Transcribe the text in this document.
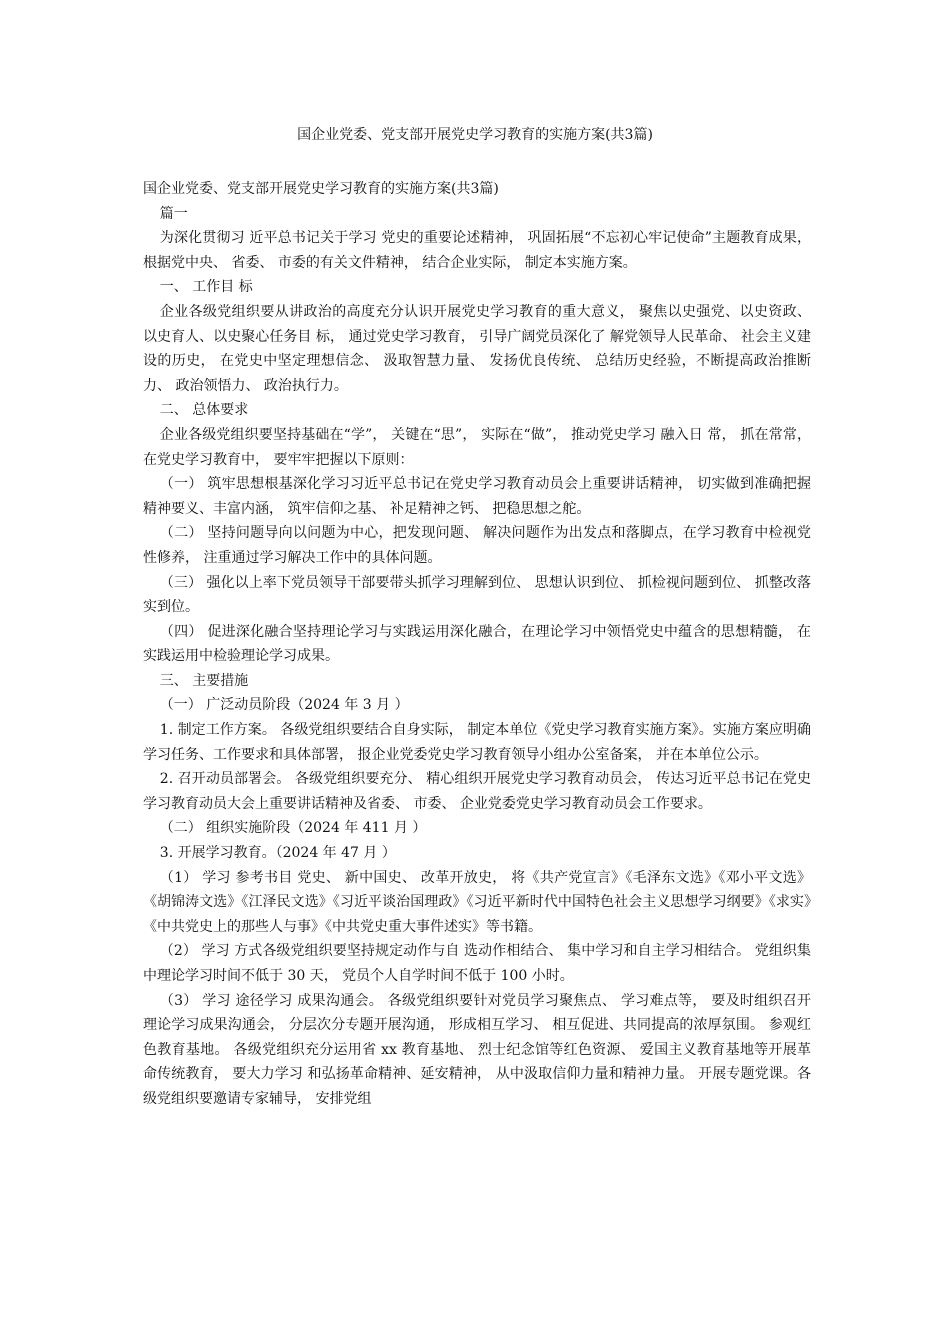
国企业党委、党支部开展党史学习教育的实施方案(共3篇)

国企业党委、党支部开展党史学习教育的实施方案(共3篇)

篇一

为深化贯彻习 近平总书记关于学习 党史的重要论述精神， 巩固拓展“不忘初心牢记使命”主题教育成果， 根据党中央、 省委、 市委的有关文件精神， 结合企业实际， 制定本实施方案。

一、 工作目 标

企业各级党组织要从讲政治的高度充分认识开展党史学习教育的重大意义， 聚焦以史强党、以史资政、 以史育人、以史聚心任务目 标， 通过党史学习教育， 引导广阔党员深化了 解党领导人民革命、 社会主义建设的历史， 在党史中坚定理想信念、 汲取智慧力量、 发扬优良传统、 总结历史经验，不断提高政治推断力、 政治领悟力、 政治执行力。

二、 总体要求

企业各级党组织要坚持基础在“学”， 关键在“思”， 实际在“做”， 推动党史学习 融入日 常， 抓在常常， 在党史学习教育中， 要牢牢把握以下原则：

（一） 筑牢思想根基深化学习习近平总书记在党史学习教育动员会上重要讲话精神， 切实做到准确把握精神要义、丰富内涵， 筑牢信仰之基、 补足精神之钙、 把稳思想之舵。

（二） 坚持问题导向以问题为中心，把发现问题、 解决问题作为出发点和落脚点，在学习教育中检视党性修养， 注重通过学习解决工作中的具体问题。

（三） 强化以上率下党员领导干部要带头抓学习理解到位、 思想认识到位、 抓检视问题到位、 抓整改落实到位。

（四） 促进深化融合坚持理论学习与实践运用深化融合，在理论学习中领悟党史中蕴含的思想精髓， 在实践运用中检验理论学习成果。

三、 主要措施

（一） 广泛动员阶段（2024 年 3 月 ）

1. 制定工作方案。 各级党组织要结合自身实际， 制定本单位《党史学习教育实施方案》。实施方案应明确学习任务、工作要求和具体部署， 报企业党委党史学习教育领导小组办公室备案， 并在本单位公示。

2. 召开动员部署会。 各级党组织要充分、 精心组织开展党史学习教育动员会， 传达习近平总书记在党史学习教育动员大会上重要讲话精神及省委、 市委、 企业党委党史学习教育动员会工作要求。

（二） 组织实施阶段（2024 年 411 月 ）

3. 开展学习教育。（2024 年 47 月 ）

（1） 学习 参考书目 党史、 新中国史、 改革开放史， 将《共产党宣言》《毛泽东文选》《邓小平文选》《胡锦涛文选》《江泽民文选》《习近平谈治国理政》《习近平新时代中国特色社会主义思想学习纲要》《求实》《中共党史上的那些人与事》《中共党史重大事件述实》等书籍。

（2） 学习 方式各级党组织要坚持规定动作与自 选动作相结合、 集中学习和自主学习相结合。 党组织集中理论学习时间不低于 30 天， 党员个人自学时间不低于 100 小时。

（3） 学习 途径学习 成果沟通会。 各级党组织要针对党员学习聚焦点、 学习难点等， 要及时组织召开理论学习成果沟通会， 分层次分专题开展沟通， 形成相互学习、 相互促进、共同提高的浓厚氛围。 参观红色教育基地。 各级党组织充分运用省 xx 教育基地、 烈士纪念馆等红色资源、 爱国主义教育基地等开展革命传统教育， 要大力学习 和弘扬革命精神、延安精神， 从中汲取信仰力量和精神力量。 开展专题党课。各级党组织要邀请专家辅导， 安排党组
